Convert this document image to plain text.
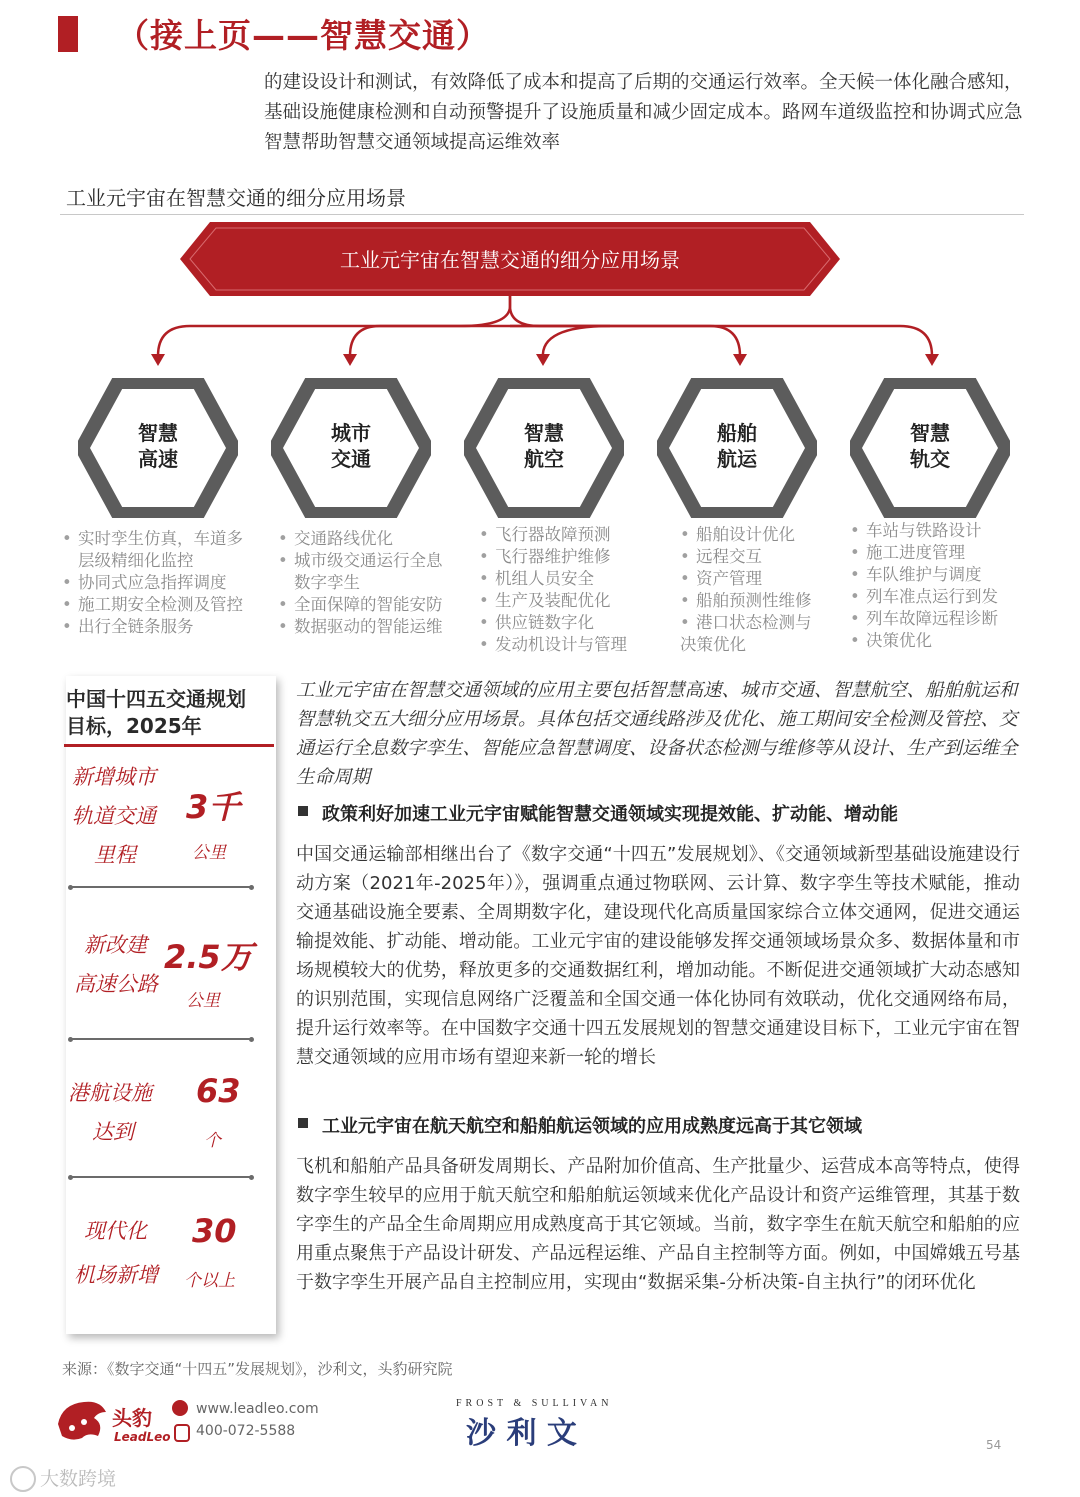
（接上页——智慧交通）
的建设设计和测试，有效降低了成本和提高了后期的交通运行效率。全天候一体化融合感知，基础设施健康检测和自动预警提升了设施质量和减少固定成本。路网车道级监控和协调式应急智慧帮助智慧交通领域提高运维效率
工业元宇宙在智慧交通的细分应用场景
工业元宇宙在智慧交通的细分应用场景
智慧
高速
城市
交通
智慧
航空
船舶
航运
智慧
轨交
• 实时孪生仿真，车道多
层级精细化监控
• 协同式应急指挥调度
• 施工期安全检测及管控
• 出行全链条服务
• 交通路线优化
• 城市级交通运行全息
数字孪生
• 全面保障的智能安防
• 数据驱动的智能运维
• 飞行器故障预测
• 飞行器维护维修
• 机组人员安全
• 生产及装配优化
• 供应链数字化
• 发动机设计与管理
• 船舶设计优化
• 远程交互
• 资产管理
• 船舶预测性维修
• 港口状态检测与
决策优化
• 车站与铁路设计
• 施工进度管理
• 车队维护与调度
• 列车准点运行到发
• 列车故障远程诊断
• 决策优化
中国十四五交通规划目标，2025年
新增城市
轨道交通
里程
3千
公里
新改建
高速公路
2.5万
公里
港航设施
达到
63
个
现代化
机场新增
30
个以上
工业元宇宙在智慧交通领域的应用主要包括智慧高速、城市交通、智慧航空、船舶航运和智慧轨交五大细分应用场景。具体包括交通线路涉及优化、施工期间安全检测及管控、交通运行全息数字孪生、智能应急智慧调度、设备状态检测与维修等从设计、生产到运维全生命周期
政策利好加速工业元宇宙赋能智慧交通领域实现提效能、扩动能、增动能
中国交通运输部相继出台了《数字交通“十四五”发展规划》、《交通领域新型基础设施建设行动方案（2021年-2025年）》，强调重点通过物联网、云计算、数字孪生等技术赋能，推动交通基础设施全要素、全周期数字化，建设现代化高质量国家综合立体交通网，促进交通运输提效能、扩动能、增动能。工业元宇宙的建设能够发挥交通领域场景众多、数据体量和市场规模较大的优势，释放更多的交通数据红利，增加动能。不断促进交通领域扩大动态感知的识别范围，实现信息网络广泛覆盖和全国交通一体化协同有效联动，优化交通网络布局，提升运行效率等。在中国数字交通十四五发展规划的智慧交通建设目标下，工业元宇宙在智慧交通领域的应用市场有望迎来新一轮的增长
工业元宇宙在航天航空和船舶航运领域的应用成熟度远高于其它领域
飞机和船舶产品具备研发周期长、产品附加价值高、生产批量少、运营成本高等特点，使得数字孪生较早的应用于航天航空和船舶航运领域来优化产品设计和资产运维管理，其基于数字孪生的产品全生命周期应用成熟度高于其它领域。当前，数字孪生在航天航空和船舶的应用重点聚焦于产品设计研发、产品远程运维、产品自主控制等方面。例如，中国嫦娥五号基于数字孪生开展产品自主控制应用，实现由“数据采集-分析决策-自主执行”的闭环优化
来源：《数字交通“十四五”发展规划》，沙利文，头豹研究院
头豹
LeadLeo
www.leadleo.com
400-072-5588
FROST & SULLIVAN
沙 利 文	54
大数跨境
